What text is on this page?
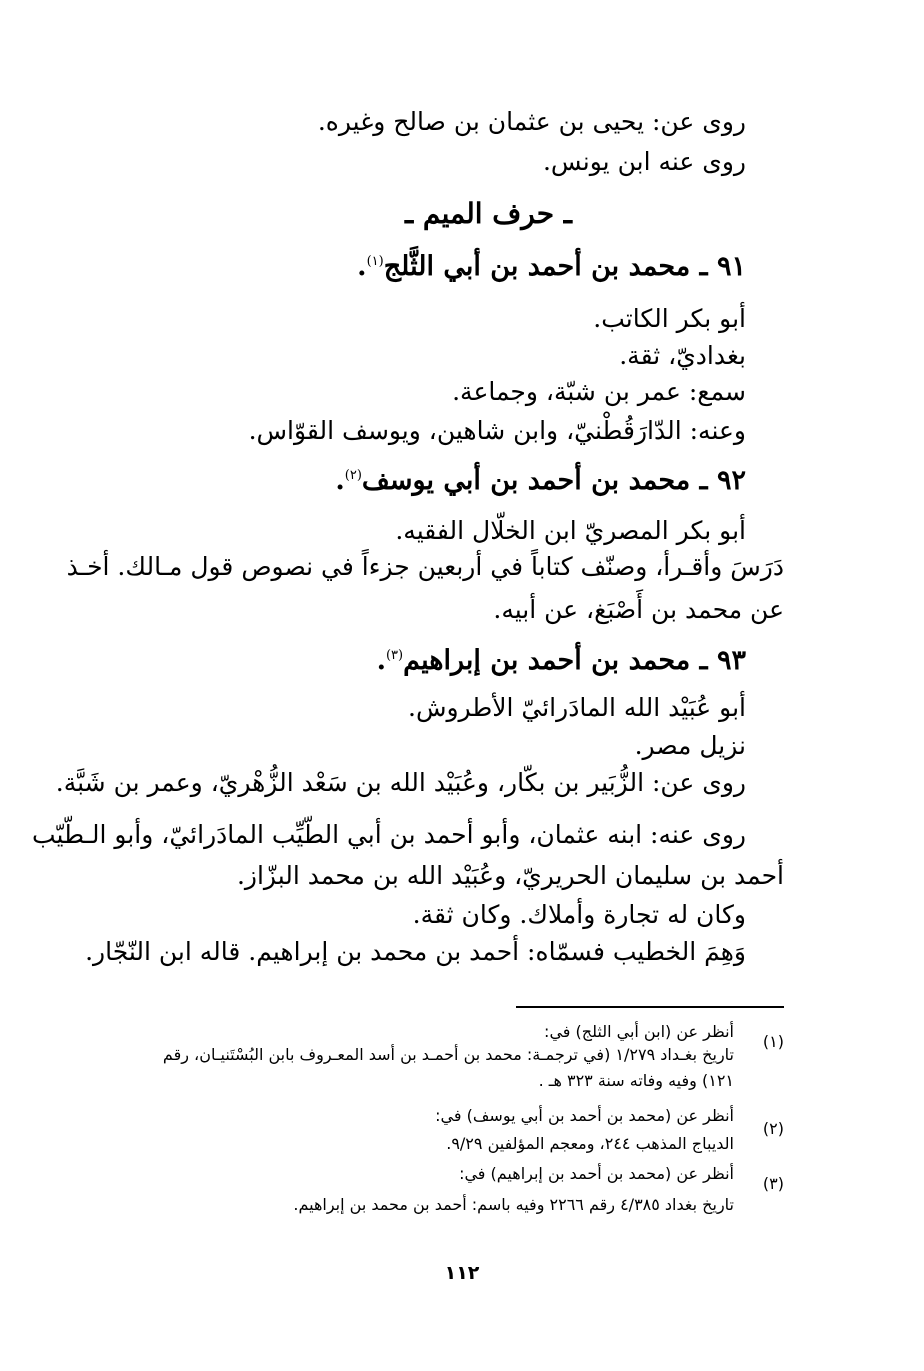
روى عن: يحيى بن عثمان بن صالح وغيره.
روى عنه ابن يونس.
ـ حرف الميم ـ
٩١ ـ محمد بن أحمد بن أبي الثَّلج$^{(١)}$.
أبو بكر الكاتب.
بغداديّ، ثقة.
سمع: عمر بن شبّة، وجماعة.
وعنه: الدّارَقُطْنيّ، وابن شاهين، ويوسف القوّاس.
٩٢ ـ محمد بن أحمد بن أبي يوسف$^{(٢)}$.
أبو بكر المصريّ ابن الخلّال الفقيه.
دَرَسَ وأقـرأ، وصنّف كتاباً في أربعين جزءاً في نصوص قول مـالك. أخـذ
عن محمد بن أَصْبَغ، عن أبيه.
٩٣ ـ محمد بن أحمد بن إبراهيم$^{(٣)}$.
أبو عُبَيْد الله المادَرائيّ الأطروش.
نزيل مصر.
روى عن: الزُّبَير بن بكّار، وعُبَيْد الله بن سَعْد الزُّهْريّ، وعمر بن شَبَّة.
روى عنه: ابنه عثمان، وأبو أحمد بن أبي الطّيِّب المادَرائيّ، وأبو الـطّيّب
أحمد بن سليمان الحريريّ، وعُبَيْد الله بن محمد البزّاز.
وكان له تجارة وأملاك. وكان ثقة.
وَهِمَ الخطيب فسمّاه: أحمد بن محمد بن إبراهيم. قاله ابن النّجّار.
(١)
أنظر عن (ابن أبي الثلج) في:
تاريخ بغـداد ١/٢٧٩ (في ترجمـة: محمد بن أحمـد بن أسد المعـروف بابن البُسْتَنيـان، رقم
١٢١) وفيه وفاته سنة ٣٢٣ هـ .
(٢)
أنظر عن (محمد بن أحمد بن أبي يوسف) في:
الديباج المذهب ٢٤٤، ومعجم المؤلفين ٩/٢٩.
(٣)
أنظر عن (محمد بن أحمد بن إبراهيم) في:
تاريخ بغداد ٤/٣٨٥ رقم ٢٢٦٦ وفيه باسم: أحمد بن محمد بن إبراهيم.
١١٢
